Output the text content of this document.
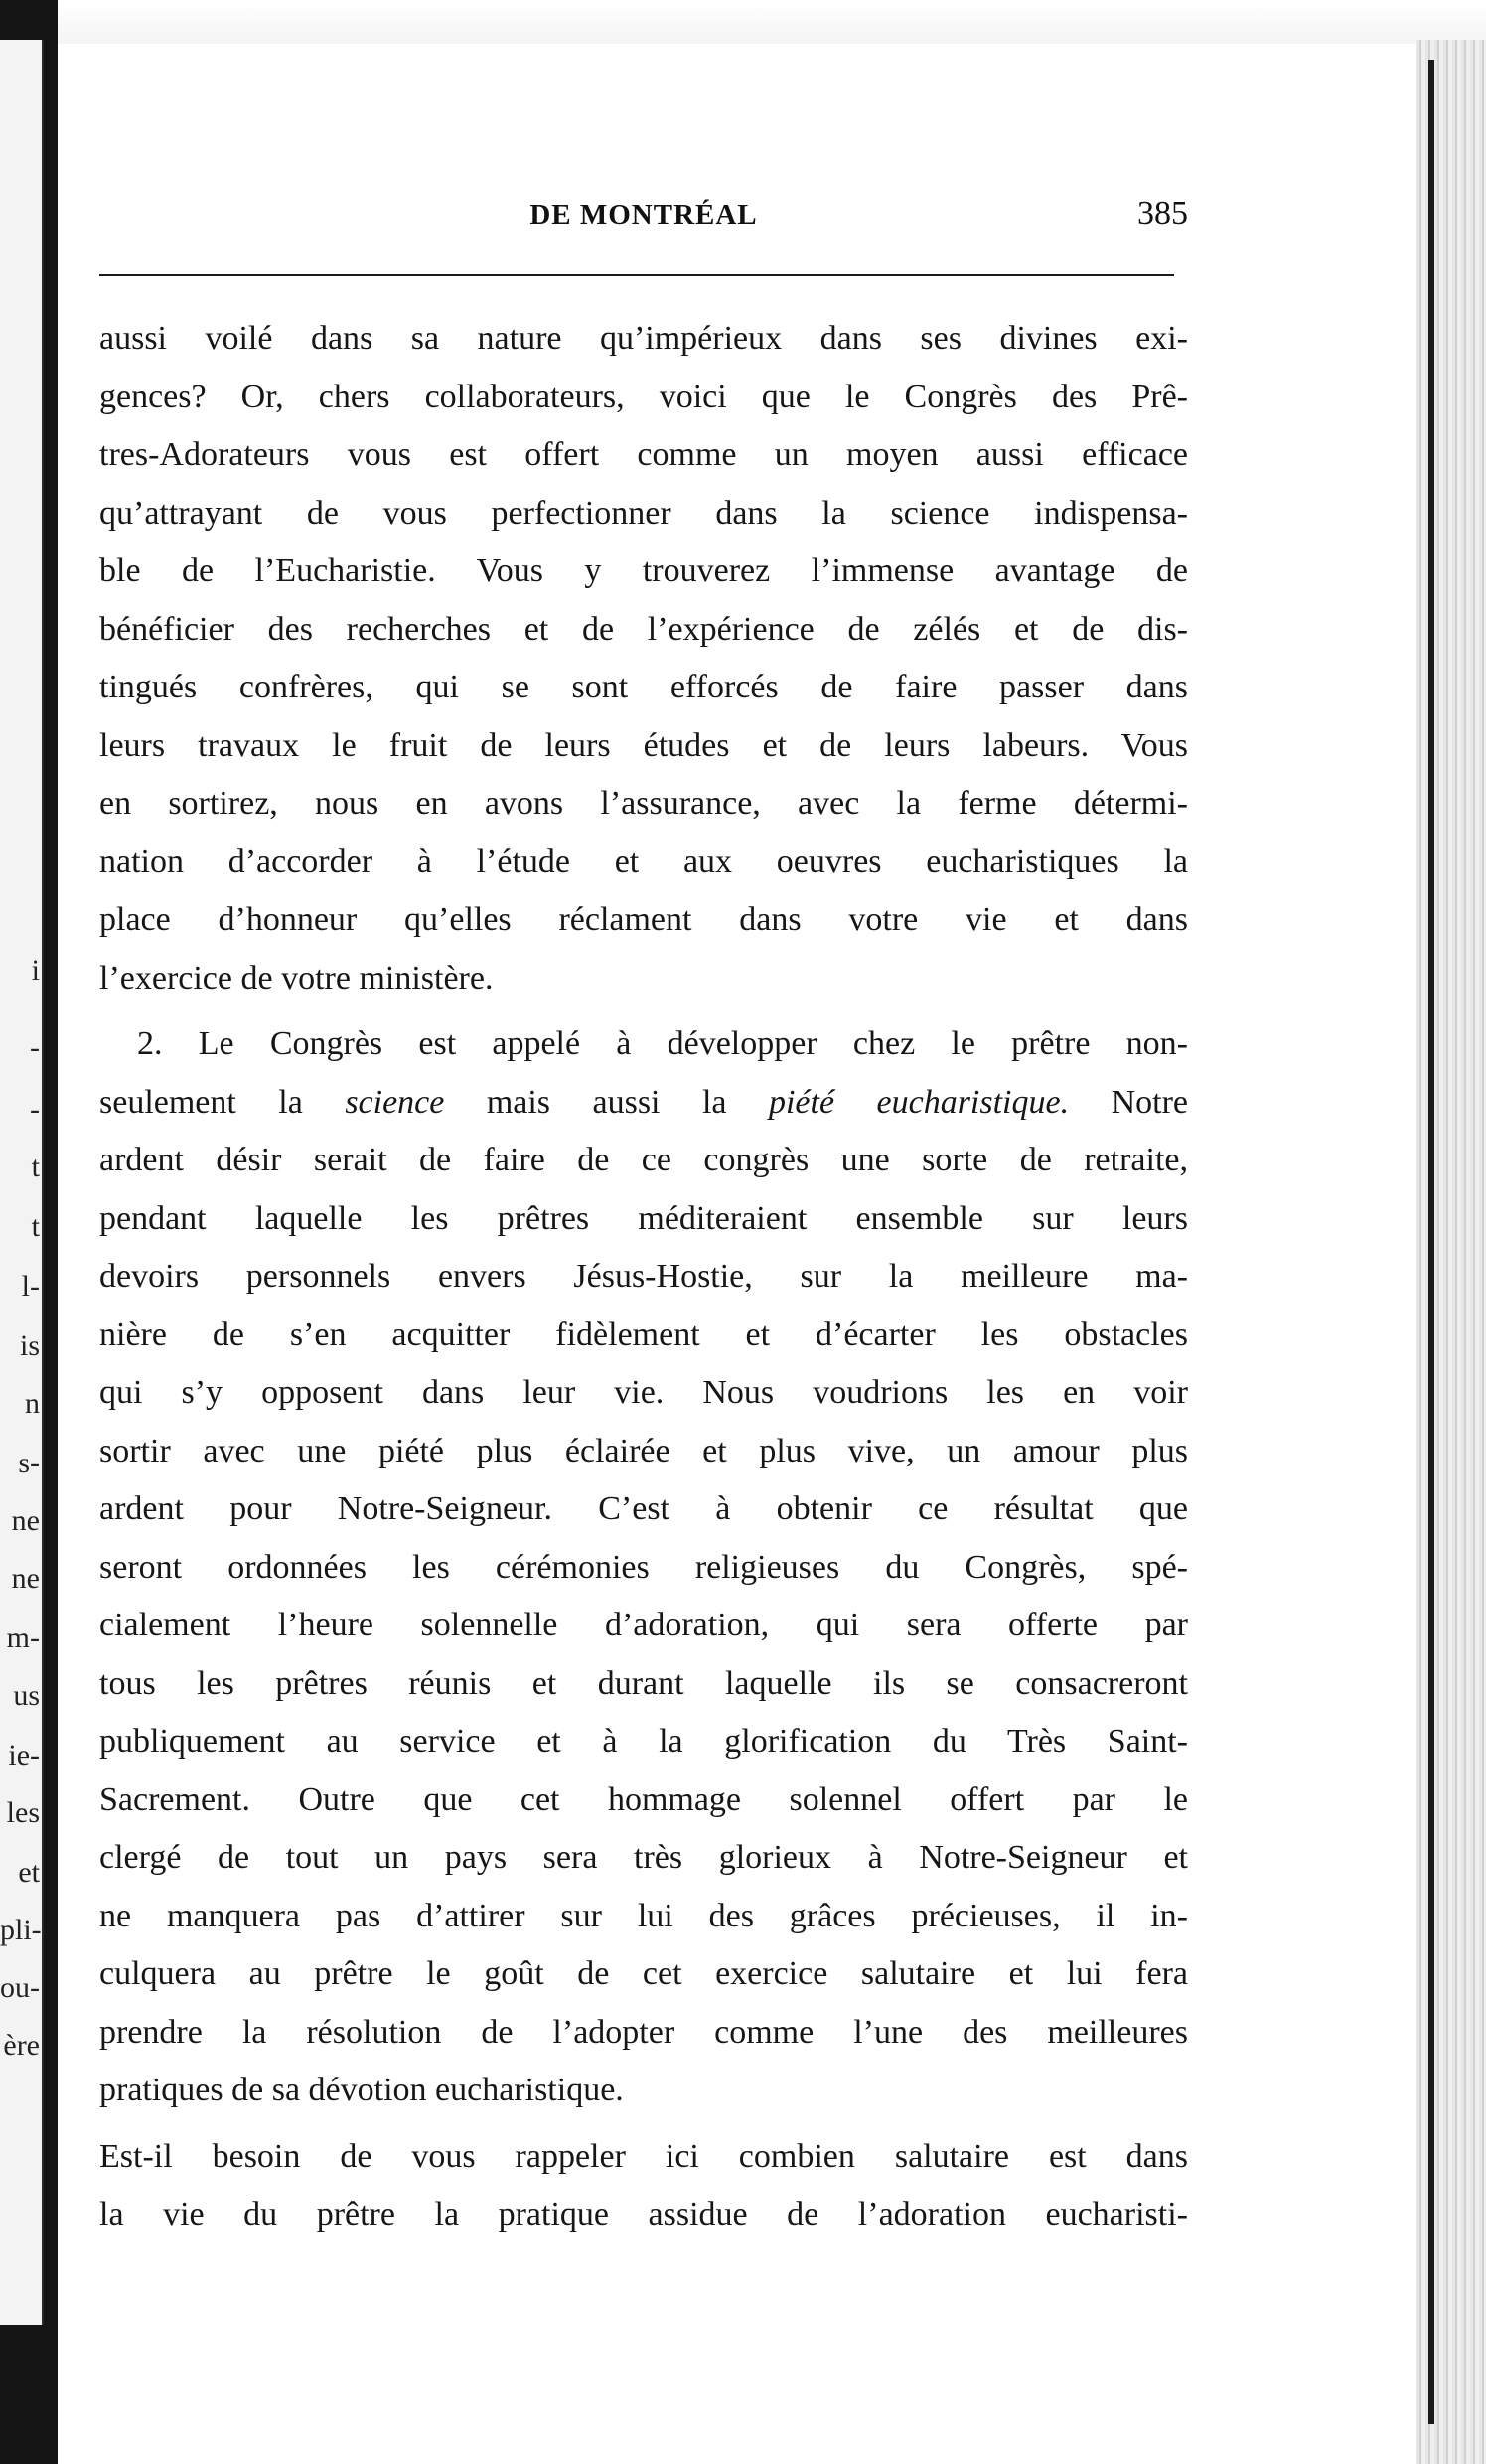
i
-
-
t
t
l-
is
n
s-
ne
ne
m-
us
ie-
les
et
pli-
ou-
ère
DE MONTRÉAL	385
aussi voilé dans sa nature qu’impérieux dans ses divines exi-
gences? Or, chers collaborateurs, voici que le Congrès des Prê-
tres-Adorateurs vous est offert comme un moyen aussi efficace
qu’attrayant de vous perfectionner dans la science indispensa-
ble de l’Eucharistie. Vous y trouverez l’immense avantage de
bénéficier des recherches et de l’expérience de zélés et de dis-
tingués confrères, qui se sont efforcés de faire passer dans
leurs travaux le fruit de leurs études et de leurs labeurs. Vous
en sortirez, nous en avons l’assurance, avec la ferme détermi-
nation d’accorder à l’étude et aux oeuvres eucharistiques la
place d’honneur qu’elles réclament dans votre vie et dans
l’exercice de votre ministère.
2. Le Congrès est appelé à développer chez le prêtre non-
seulement la science mais aussi la piété eucharistique. Notre
ardent désir serait de faire de ce congrès une sorte de retraite,
pendant laquelle les prêtres méditeraient ensemble sur leurs
devoirs personnels envers Jésus-Hostie, sur la meilleure ma-
nière de s’en acquitter fidèlement et d’écarter les obstacles
qui s’y opposent dans leur vie. Nous voudrions les en voir
sortir avec une piété plus éclairée et plus vive, un amour plus
ardent pour Notre-Seigneur. C’est à obtenir ce résultat que
seront ordonnées les cérémonies religieuses du Congrès, spé-
cialement l’heure solennelle d’adoration, qui sera offerte par
tous les prêtres réunis et durant laquelle ils se consacreront
publiquement au service et à la glorification du Très Saint-
Sacrement. Outre que cet hommage solennel offert par le
clergé de tout un pays sera très glorieux à Notre-Seigneur et
ne manquera pas d’attirer sur lui des grâces précieuses, il in-
culquera au prêtre le goût de cet exercice salutaire et lui fera
prendre la résolution de l’adopter comme l’une des meilleures
pratiques de sa dévotion eucharistique.
Est-il besoin de vous rappeler ici combien salutaire est dans
la vie du prêtre la pratique assidue de l’adoration eucharisti-
